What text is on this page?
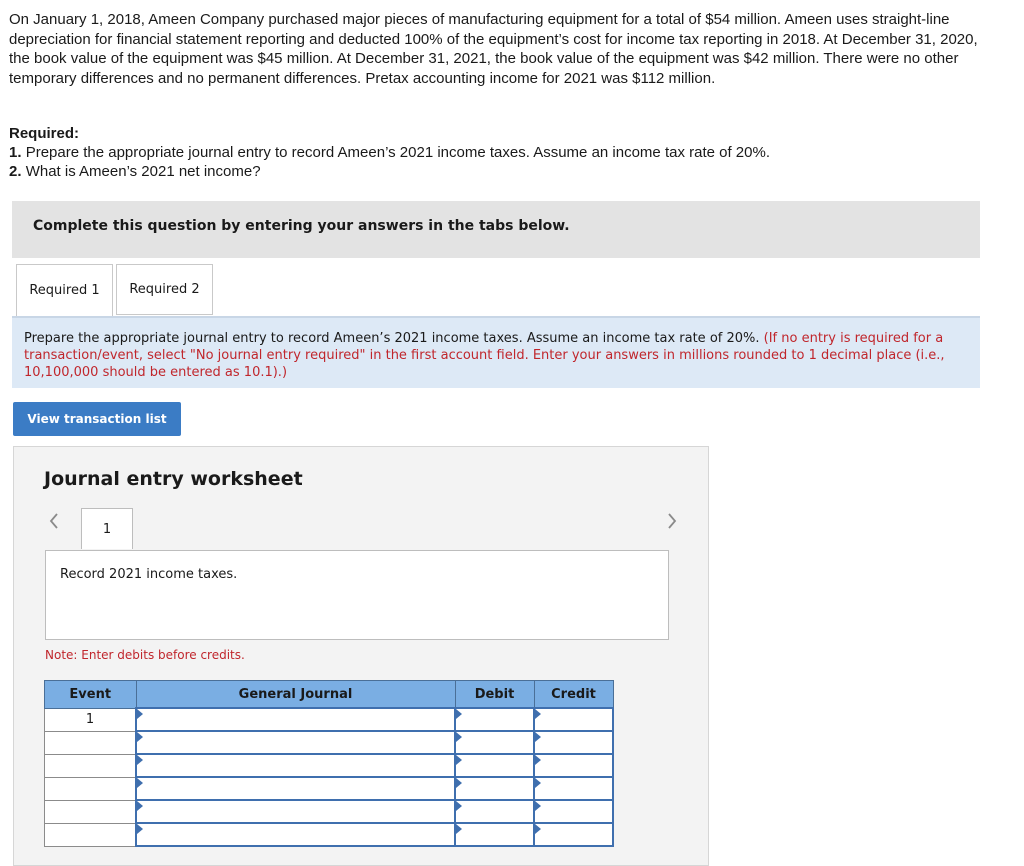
On January 1, 2018, Ameen Company purchased major pieces of manufacturing equipment for a total of $54 million. Ameen uses straight-line depreciation for financial statement reporting and deducted 100% of the equipment’s cost for income tax reporting in 2018. At December 31, 2020, the book value of the equipment was $45 million. At December 31, 2021, the book value of the equipment was $42 million. There were no other temporary differences and no permanent differences. Pretax accounting income for 2021 was $112 million.

Required:
1. Prepare the appropriate journal entry to record Ameen’s 2021 income taxes. Assume an income tax rate of 20%.
2. What is Ameen’s 2021 net income?
Complete this question by entering your answers in the tabs below.
Required 1	Required 2
Prepare the appropriate journal entry to record Ameen’s 2021 income taxes. Assume an income tax rate of 20%. (If no entry is required for a transaction/event, select "No journal entry required" in the first account field. Enter your answers in millions rounded to 1 decimal place (i.e., 10,100,000 should be entered as 10.1).)
View transaction list
Journal entry worksheet
1
Record 2021 income taxes.
Note: Enter debits before credits.
Event	General Journal	Debit	Credit
1	
